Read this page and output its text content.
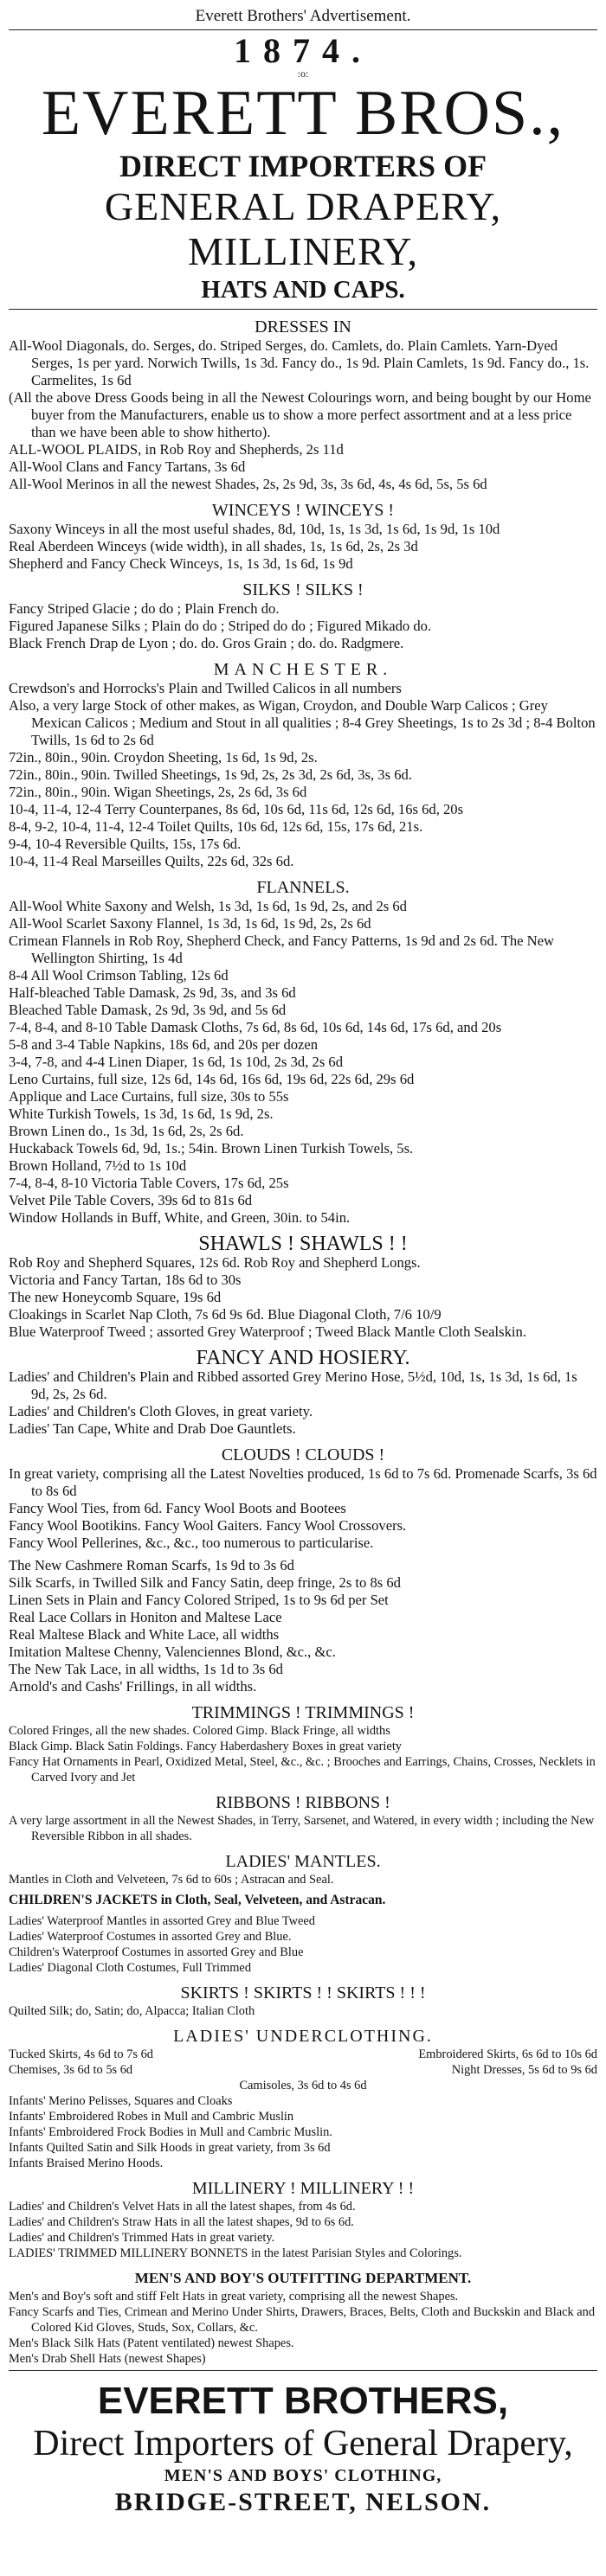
Everett Brothers' Advertisement.
1874.
:o:
EVERETT BROS.,
DIRECT IMPORTERS OF
GENERAL DRAPERY, MILLINERY,
HATS AND CAPS.
DRESSES IN

All-Wool Diagonals, do. Serges, do. Striped Serges, do. Camlets, do. Plain Camlets. Yarn-Dyed Serges, 1s per yard. Norwich Twills, 1s 3d. Fancy do., 1s 9d. Plain Camlets, 1s 9d. Fancy do., 1s. Carmelites, 1s 6d

(All the above Dress Goods being in all the Newest Colourings worn, and being bought by our Home buyer from the Manufacturers, enable us to show a more perfect assortment and at a less price than we have been able to show hitherto).

ALL-WOOL PLAIDS, in Rob Roy and Shepherds, 2s 11d

All-Wool Clans and Fancy Tartans, 3s 6d

All-Wool Merinos in all the newest Shades, 2s, 2s 9d, 3s, 3s 6d, 4s, 4s 6d, 5s, 5s 6d

WINCEYS ! WINCEYS !

Saxony Winceys in all the most useful shades, 8d, 10d, 1s, 1s 3d, 1s 6d, 1s 9d, 1s 10d

Real Aberdeen Winceys (wide width), in all shades, 1s, 1s 6d, 2s, 2s 3d

Shepherd and Fancy Check Winceys, 1s, 1s 3d, 1s 6d, 1s 9d

SILKS ! SILKS !

Fancy Striped Glacie ; do do ; Plain French do.

Figured Japanese Silks ; Plain do do ; Striped do do ; Figured Mikado do.

Black French Drap de Lyon ; do. do. Gros Grain ; do. do. Radgmere.

MANCHESTER.

Crewdson's and Horrocks's Plain and Twilled Calicos in all numbers

Also, a very large Stock of other makes, as Wigan, Croydon, and Double Warp Calicos ; Grey Mexican Calicos ; Medium and Stout in all qualities ; 8-4 Grey Sheetings, 1s to 2s 3d ; 8-4 Bolton Twills, 1s 6d to 2s 6d

72in., 80in., 90in. Croydon Sheeting, 1s 6d, 1s 9d, 2s.

72in., 80in., 90in. Twilled Sheetings, 1s 9d, 2s, 2s 3d, 2s 6d, 3s, 3s 6d.

72in., 80in., 90in. Wigan Sheetings, 2s, 2s 6d, 3s 6d

10-4, 11-4, 12-4 Terry Counterpanes, 8s 6d, 10s 6d, 11s 6d, 12s 6d, 16s 6d, 20s

8-4, 9-2, 10-4, 11-4, 12-4 Toilet Quilts, 10s 6d, 12s 6d, 15s, 17s 6d, 21s.

9-4, 10-4 Reversible Quilts, 15s, 17s 6d.

10-4, 11-4 Real Marseilles Quilts, 22s 6d, 32s 6d.

FLANNELS.

All-Wool White Saxony and Welsh, 1s 3d, 1s 6d, 1s 9d, 2s, and 2s 6d

All-Wool Scarlet Saxony Flannel, 1s 3d, 1s 6d, 1s 9d, 2s, 2s 6d

Crimean Flannels in Rob Roy, Shepherd Check, and Fancy Patterns, 1s 9d and 2s 6d. The New Wellington Shirting, 1s 4d

8-4 All Wool Crimson Tabling, 12s 6d

Half-bleached Table Damask, 2s 9d, 3s, and 3s 6d

Bleached Table Damask, 2s 9d, 3s 9d, and 5s 6d

7-4, 8-4, and 8-10 Table Damask Cloths, 7s 6d, 8s 6d, 10s 6d, 14s 6d, 17s 6d, and 20s

5-8 and 3-4 Table Napkins, 18s 6d, and 20s per dozen

3-4, 7-8, and 4-4 Linen Diaper, 1s 6d, 1s 10d, 2s 3d, 2s 6d

Leno Curtains, full size, 12s 6d, 14s 6d, 16s 6d, 19s 6d, 22s 6d, 29s 6d

Applique and Lace Curtains, full size, 30s to 55s

White Turkish Towels, 1s 3d, 1s 6d, 1s 9d, 2s.

Brown Linen do., 1s 3d, 1s 6d, 2s, 2s 6d.

Huckaback Towels 6d, 9d, 1s.; 54in. Brown Linen Turkish Towels, 5s.

Brown Holland, 7½d to 1s 10d

7-4, 8-4, 8-10 Victoria Table Covers, 17s 6d, 25s

Velvet Pile Table Covers, 39s 6d to 81s 6d

Window Hollands in Buff, White, and Green, 30in. to 54in.

SHAWLS ! SHAWLS ! !

Rob Roy and Shepherd Squares, 12s 6d. Rob Roy and Shepherd Longs.

Victoria and Fancy Tartan, 18s 6d to 30s

The new Honeycomb Square, 19s 6d

Cloakings in Scarlet Nap Cloth, 7s 6d 9s 6d. Blue Diagonal Cloth, 7/6 10/9

Blue Waterproof Tweed ; assorted Grey Waterproof ; Tweed Black Mantle Cloth Sealskin.

FANCY AND HOSIERY.

Ladies' and Children's Plain and Ribbed assorted Grey Merino Hose, 5½d, 10d, 1s, 1s 3d, 1s 6d, 1s 9d, 2s, 2s 6d.

Ladies' and Children's Cloth Gloves, in great variety.

Ladies' Tan Cape, White and Drab Doe Gauntlets.

CLOUDS ! CLOUDS !

In great variety, comprising all the Latest Novelties produced, 1s 6d to 7s 6d. Promenade Scarfs, 3s 6d to 8s 6d

Fancy Wool Ties, from 6d. Fancy Wool Boots and Bootees

Fancy Wool Bootikins. Fancy Wool Gaiters. Fancy Wool Crossovers.

Fancy Wool Pellerines, &c., &c., too numerous to particularise.

The New Cashmere Roman Scarfs, 1s 9d to 3s 6d

Silk Scarfs, in Twilled Silk and Fancy Satin, deep fringe, 2s to 8s 6d

Linen Sets in Plain and Fancy Colored Striped, 1s to 9s 6d per Set

Real Lace Collars in Honiton and Maltese Lace

Real Maltese Black and White Lace, all widths

Imitation Maltese Chenny, Valenciennes Blond, &c., &c.

The New Tak Lace, in all widths, 1s 1d to 3s 6d

Arnold's and Cashs' Frillings, in all widths.

TRIMMINGS ! TRIMMINGS !

Colored Fringes, all the new shades. Colored Gimp. Black Fringe, all widths

Black Gimp. Black Satin Foldings. Fancy Haberdashery Boxes in great variety

Fancy Hat Ornaments in Pearl, Oxidized Metal, Steel, &c., &c. ; Brooches and Earrings, Chains, Crosses, Necklets in Carved Ivory and Jet

RIBBONS ! RIBBONS !

A very large assortment in all the Newest Shades, in Terry, Sarsenet, and Watered, in every width ; including the New Reversible Ribbon in all shades.

LADIES' MANTLES.

Mantles in Cloth and Velveteen, 7s 6d to 60s ; Astracan and Seal.

CHILDREN'S JACKETS in Cloth, Seal, Velveteen, and Astracan.

Ladies' Waterproof Mantles in assorted Grey and Blue Tweed

Ladies' Waterproof Costumes in assorted Grey and Blue.

Children's Waterproof Costumes in assorted Grey and Blue

Ladies' Diagonal Cloth Costumes, Full Trimmed

SKIRTS ! SKIRTS ! ! SKIRTS ! ! !

Quilted Silk; do, Satin; do, Alpacca; Italian Cloth

LADIES' UNDERCLOTHING.
Tucked Skirts, 4s 6d to 7s 6d	Embroidered Skirts, 6s 6d to 10s 6d
Chemises, 3s 6d to 5s 6d	Night Dresses, 5s 6d to 9s 6d

Camisoles, 3s 6d to 4s 6d

Infants' Merino Pelisses, Squares and Cloaks

Infants' Embroidered Robes in Mull and Cambric Muslin

Infants' Embroidered Frock Bodies in Mull and Cambric Muslin.

Infants Quilted Satin and Silk Hoods in great variety, from 3s 6d

Infants Braised Merino Hoods.

MILLINERY ! MILLINERY ! !

Ladies' and Children's Velvet Hats in all the latest shapes, from 4s 6d.

Ladies' and Children's Straw Hats in all the latest shapes, 9d to 6s 6d.

Ladies' and Children's Trimmed Hats in great variety.

LADIES' TRIMMED MILLINERY BONNETS in the latest Parisian Styles and Colorings.

MEN'S AND BOY'S OUTFITTING DEPARTMENT.

Men's and Boy's soft and stiff Felt Hats in great variety, comprising all the newest Shapes.

Fancy Scarfs and Ties, Crimean and Merino Under Shirts, Drawers, Braces, Belts, Cloth and Buckskin and Black and Colored Kid Gloves, Studs, Sox, Collars, &c.

Men's Black Silk Hats (Patent ventilated) newest Shapes.

Men's Drab Shell Hats (newest Shapes)

EVERETT BROTHERS,
Direct Importers of General Drapery,
MEN'S AND BOYS' CLOTHING,
BRIDGE-STREET, NELSON.
